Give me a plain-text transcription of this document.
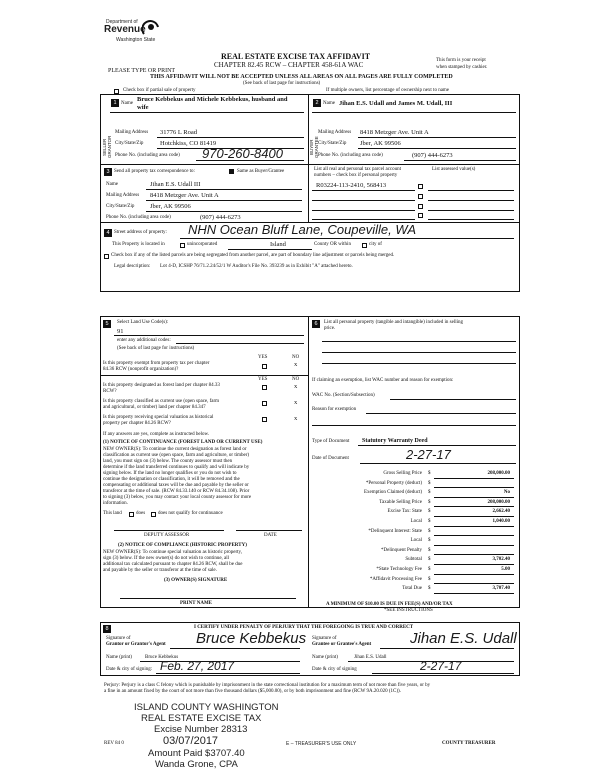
Department of
Revenue
Washington State
REAL ESTATE EXCISE TAX AFFIDAVIT
CHAPTER 82.45 RCW – CHAPTER 458-61A WAC
PLEASE TYPE OR PRINT
This form is your receipt
when stamped by cashier.
THIS AFFIDAVIT WILL NOT BE ACCEPTED UNLESS ALL AREAS ON ALL PAGES ARE FULLY COMPLETED
(See back of last page for instructions)
Check box if partial sale of property	If multiple owners, list percentage of ownership next to name
SELLER GRANTOR
1 Name
Bruce Kebbekus and Michele Kebbekus, husband and
wife
Mailing Address 31776 L Road
City/State/Zip	Hotchkiss, CO 81419
Phone No. (including area code) 970-260-8400	BUYER GRANTEE
2 Name Jihan E.S. Udall and James M. Udall, III
Mailing Address 8418 Metzger Ave. Unit A
City/State/Zip Jber, AK 99506
Phone No. (including area code)	(907) 444-6273
3 Send all property tax correspondence to:	Same as Buyer/Grantee
Name	Jihan E.S. Udall III
Mailing Address 8418 Metzger Ave. Unit A
City/State/Zip Jber, AK 99506
Phone No. (including area code)	(907) 444-6273
List all real and personal tax parcel account
numbers – check box if personal property
List assessed value(s)
R03224-113-2410, 568413
4 Street address of property: NHN Ocean Bluff Lane, Coupeville, WA
This Property is located in	unincorporated	Island	County OR within	city of
Check box if any of the listed parcels are being segregated from another parcel, are part of boundary line adjustment or parcels being merged.
Legal description: Lot 4-D, ICSHP 76/71.2.24/52/1 W Auditor's File No. 393239 as in Exhibit "A" attached hereto.
5	Select Land Use Code(s):
91
enter any additional codes:
(See back of last page for instructions)
YES	NO
Is this property exempt from property tax per chapter
84.36 RCW (nonprofit organization)?
x
YES	NO
Is this property designated as forest land per chapter 84.33
RCW?
x
Is this property classified as current use (open space, farm
and agricultural, or timber) land per chapter 84.347
x
Is this property receiving special valuation as historical
property per chapter 84.26 RCW?
x
If any answers are yes, complete as instructed below.
(1) NOTICE OF CONTINUANCE (FOREST LAND OR CURRENT USE)
NEW OWNER(S): To continue the current designation as forest land or
classification as current use (open space, farm and agriculture, or timber)
land, you must sign on (3) below. The county assessor must then
determine if the land transferred continues to qualify and will indicate by
signing below. If the land no longer qualifies or you do not wish to
continue the designation or classification, it will be removed and the
compensating or additional taxes will be due and payable by the seller or
transferor at the time of sale. (RCW 84.33.140 or RCW 84.34.108). Prior
to signing (3) below, you may contact your local county assessor for more
information.
This land	does	does not qualify for continuance
DEPUTY ASSESSOR	DATE
(2) NOTICE OF COMPLIANCE (HISTORIC PROPERTY)
NEW OWNER(S): To continue special valuation as historic property,
sign (3) below. If the new owner(s) do not wish to continue, all
additional tax calculated pursuant to chapter 84.26 RCW, shall be due
and payable by the seller or transferor at the time of sale.
(3) OWNER(S) SIGNATURE
PRINT NAME
6	List all personal property (tangible and intangible) included in selling
price.
If claiming an exemption, list WAC number and reason for exemption:
WAC No. (Section/Subsection)
Reason for exemption
Type of Document Statutory Warranty Deed
Date of Document	2-27-17
Gross Selling Price $	208,000.00
*Personal Property (deduct) $
Exemption Claimed (deduct) $	No
Taxable Selling Price $	208,000.00
Excise Tax: State $	2,662.40
Local $	1,040.00
*Delinquent Interest: State $
Local $
*Delinquent Penalty $
Subtotal $	3,702.40
*State Technology Fee $	5.00
*Affidavit Processing Fee $
Total Due $	3,707.40
A MINIMUM OF $10.00 IS DUE IN FEE(S) AND/OR TAX
*SEE INSTRUCTIONS
8	I CERTIFY UNDER PENALTY OF PERJURY THAT THE FOREGOING IS TRUE AND CORRECT
Signature of
Grantor or Grantor's Agent Bruce Kebbekus
Name (print)	Bruce Kebbekus
Date & city of signing: Feb. 27, 2017
Signature of
Grantee or Grantee's Agent	Jihan E.S. Udall
Name (print)	Jihan E.S. Udall
Date & city of signing	2-27-17
Perjury: Perjury is a class C felony which is punishable by imprisonment in the state correctional institution for a maximum term of not more than five years, or by
a fine in an amount fixed by the court of not more than five thousand dollars ($5,000.00), or by both imprisonment and fine (RCW 9A.20.020 (1C)).
ISLAND COUNTY WASHINGTON
REAL ESTATE EXCISE TAX
Excise Number 28313
03/07/2017
Amount Paid $3707.40
Wanda Grone, CPA
REV 84 0	E – TREASURER'S USE ONLY	COUNTY TREASURER
